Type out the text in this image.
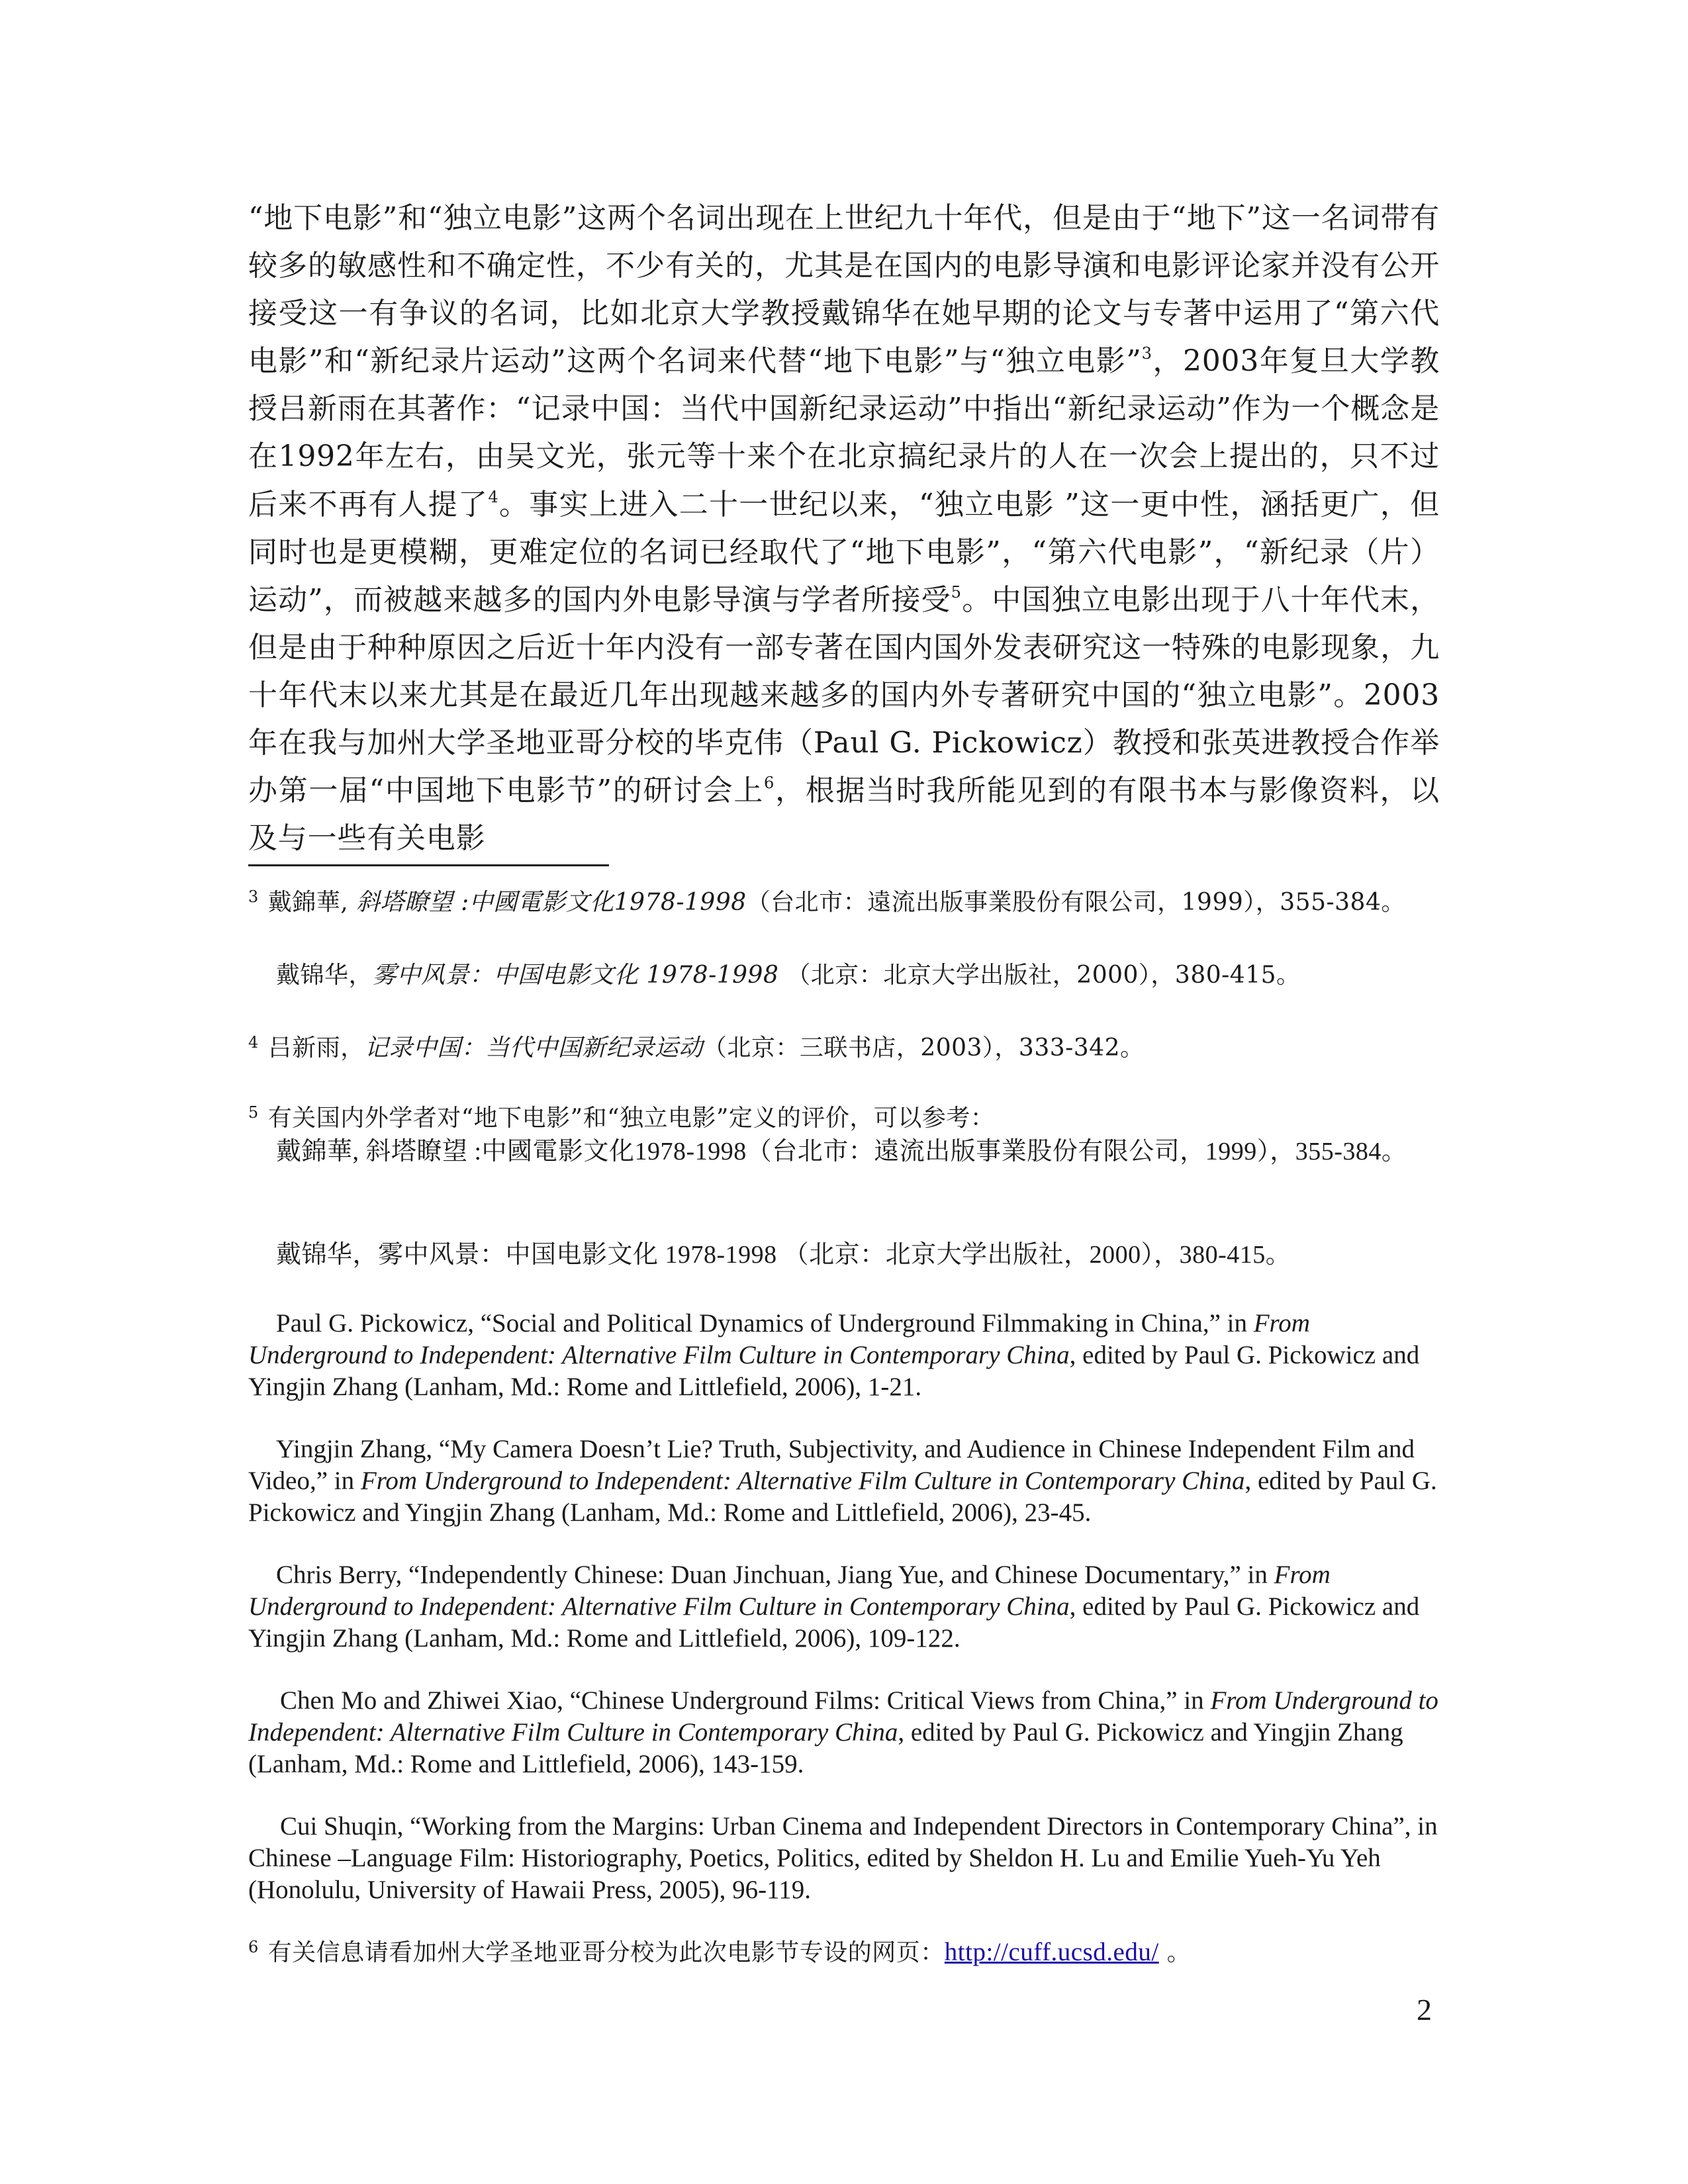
“地下电影”和“独立电影”这两个名词出现在上世纪九十年代，但是由于“地下”这一名词带有较多的敏感性和不确定性，不少有关的，尤其是在国内的电影导演和电影评论家并没有公开接受这一有争议的名词，比如北京大学教授戴锦华在她早期的论文与专著中运用了“第六代电影”和“新纪录片运动”这两个名词来代替“地下电影”与“独立电影”$^3$，2003年复旦大学教授吕新雨在其著作：“记录中国：当代中国新纪录运动”中指出“新纪录运动”作为一个概念是在1992年左右，由吴文光，张元等十来个在北京搞纪录片的人在一次会上提出的，只不过后来不再有人提了$^4$。事实上进入二十一世纪以来，“独立电影 ”这一更中性，涵括更广，但同时也是更模糊，更难定位的名词已经取代了“地下电影”，“第六代电影”，“新纪录（片）运动”，而被越来越多的国内外电影导演与学者所接受$^5$。中国独立电影出现于八十年代末，但是由于种种原因之后近十年内没有一部专著在国内国外发表研究这一特殊的电影现象，九十年代末以来尤其是在最近几年出现越来越多的国内外专著研究中国的“独立电影”。2003年在我与加州大学圣地亚哥分校的毕克伟（Paul G. Pickowicz）教授和张英进教授合作举办第一届“中国地下电影节”的研讨会上$^6$，根据当时我所能见到的有限书本与影像资料，以及与一些有关电影
$^3$ 戴錦華, 斜塔瞭望 :中國電影文化1978-1998（台北市：遠流出版事業股份有限公司，1999），355-384。
戴锦华，雾中风景：中国电影文化 1978-1998 （北京：北京大学出版社，2000），380-415。
$^4$ 吕新雨，记录中国：当代中国新纪录运动（北京：三联书店，2003），333-342。
$^5$ 有关国内外学者对“地下电影”和“独立电影”定义的评价，可以参考：
戴錦華, 斜塔瞭望 :中國電影文化1978-1998（台北市：遠流出版事業股份有限公司，1999），355-384。
戴锦华，雾中风景：中国电影文化 1978-1998 （北京：北京大学出版社，2000），380-415。
Paul G. Pickowicz, “Social and Political Dynamics of Underground Filmmaking in China,” in From Underground to Independent: Alternative Film Culture in Contemporary China, edited by Paul G. Pickowicz and Yingjin Zhang (Lanham, Md.: Rome and Littlefield, 2006), 1-21.
Yingjin Zhang, “My Camera Doesn’t Lie? Truth, Subjectivity, and Audience in Chinese Independent Film and Video,” in From Underground to Independent: Alternative Film Culture in Contemporary China, edited by Paul G. Pickowicz and Yingjin Zhang (Lanham, Md.: Rome and Littlefield, 2006), 23-45.
Chris Berry, “Independently Chinese: Duan Jinchuan, Jiang Yue, and Chinese Documentary,” in From Underground to Independent: Alternative Film Culture in Contemporary China, edited by Paul G. Pickowicz and Yingjin Zhang (Lanham, Md.: Rome and Littlefield, 2006), 109-122.
Chen Mo and Zhiwei Xiao, “Chinese Underground Films: Critical Views from China,” in From Underground to Independent: Alternative Film Culture in Contemporary China, edited by Paul G. Pickowicz and Yingjin Zhang (Lanham, Md.: Rome and Littlefield, 2006), 143-159.
Cui Shuqin, “Working from the Margins: Urban Cinema and Independent Directors in Contemporary China”, in Chinese –Language Film: Historiography, Poetics, Politics, edited by Sheldon H. Lu and Emilie Yueh-Yu Yeh (Honolulu, University of Hawaii Press, 2005), 96-119.
$^6$ 有关信息请看加州大学圣地亚哥分校为此次电影节专设的网页：http://cuff.ucsd.edu/ 。
2
